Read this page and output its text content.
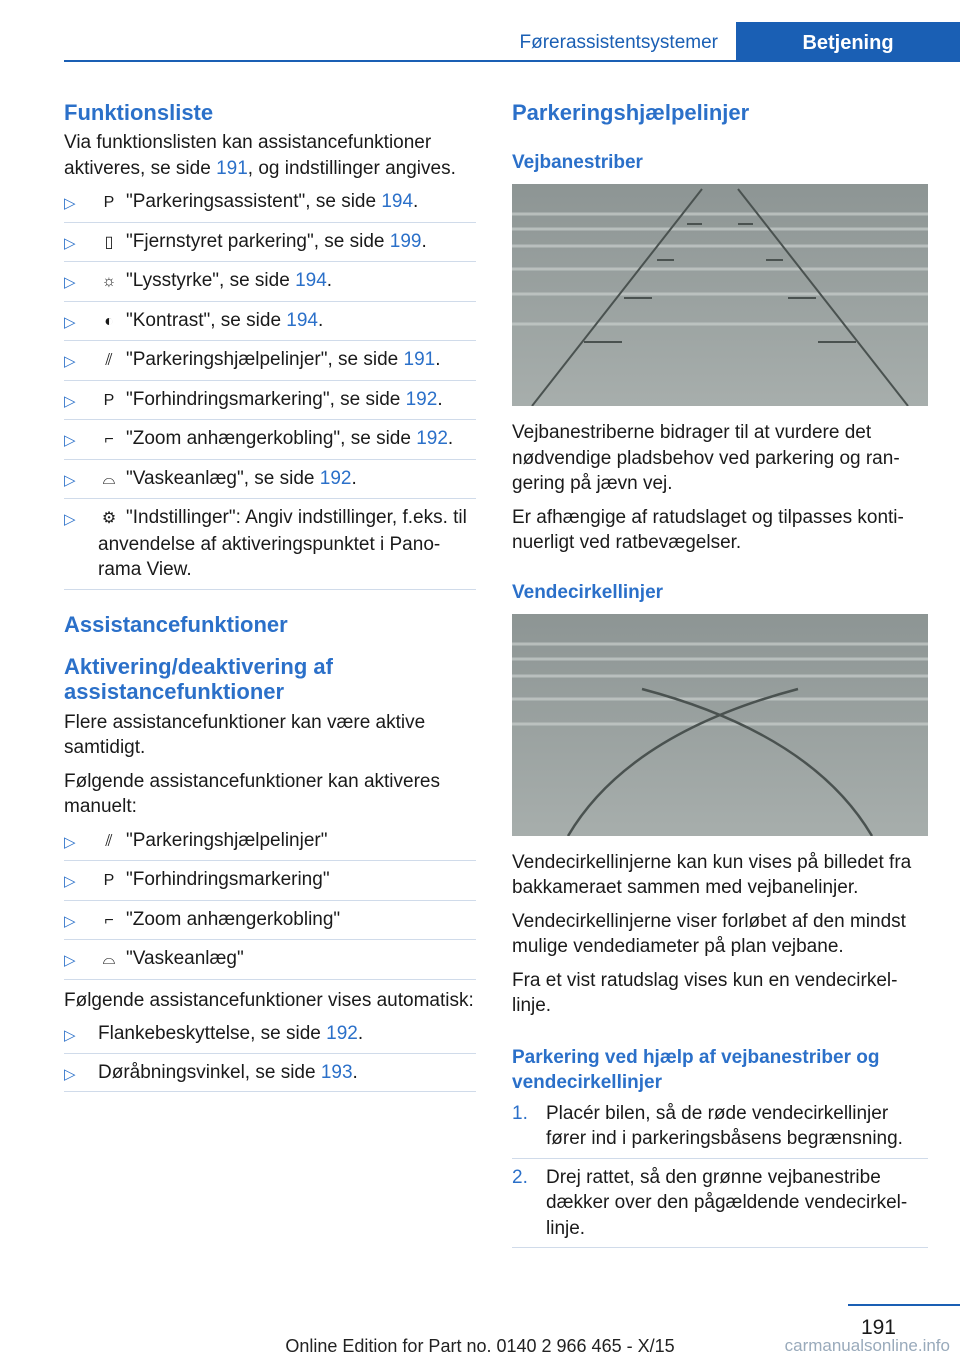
Førerassistentsystemer	Betjening
Funktionsliste

Via funktionslisten kan assistancefunktioner aktiveres, se side 191, og indstillinger angives.

▷ P "Parkeringsassistent", se side 194.
▷ ▯ "Fjernstyret parkering", se side 199.
▷ ☼ "Lysstyrke", se side 194.
▷ ◐ "Kontrast", se side 194.
▷ ⫽ "Parkeringshjælpelinjer", se side 191.
▷ P "Forhindringsmarkering", se side 192.
▷ ⌐ "Zoom anhængerkobling", se side 192.
▷ ⌓ "Vaskeanlæg", se side 192.
▷ ⚙ "Indstillinger": Angiv indstillinger, f.eks. til anvendelse af aktiveringspunktet i Panorama View.
Assistancefunktioner
Aktivering/deaktivering af assistancefunktioner

Flere assistancefunktioner kan være aktive samtidigt.

Følgende assistancefunktioner kan aktiveres manuelt:

▷ ⫽ "Parkeringshjælpelinjer"
▷ P "Forhindringsmarkering"
▷ ⌐ "Zoom anhængerkobling"
▷ ⌓ "Vaskeanlæg"

Følgende assistancefunktioner vises automatisk:

▷ Flankebeskyttelse, se side 192.
▷ Døråbningsvinkel, se side 193.
Parkeringshjælpelinjer
Vejbanestriber

Vejbanestriberne bidrager til at vurdere det nødvendige pladsbehov ved parkering og rangering på jævn vej.

Er afhængige af ratudslaget og tilpasses kontinuerligt ved ratbevægelser.

Vendecirkellinjer

Vendecirkellinjerne kan kun vises på billedet fra bakkameraet sammen med vejbanelinjer.

Vendecirkellinjerne viser forløbet af den mindst mulige vendediameter på plan vejbane.

Fra et vist ratudslag vises kun en vendecirkellinje.

Parkering ved hjælp af vejbanestriber og vendecirkellinjer
1. Placér bilen, så de røde vendecirkellinjer fører ind i parkeringsbåsens begrænsning.
2. Drej rattet, så den grønne vejbanestribe dækker over den pågældende vendecirkellinje.
191
Online Edition for Part no. 0140 2 966 465 - X/15	carmanualsonline.info
